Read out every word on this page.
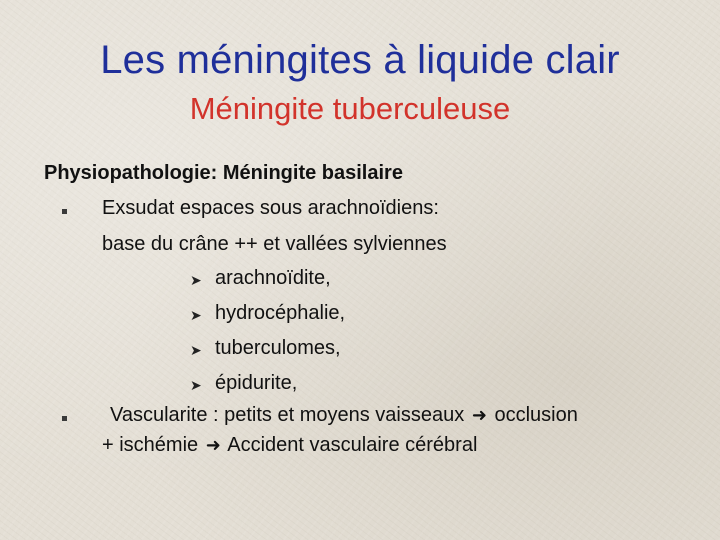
Les méningites à liquide clair
Méningite tuberculeuse
Physiopathologie: Méningite basilaire
Exsudat espaces sous arachnoïdiens:
base du crâne ++ et vallées sylviennes
➤ arachnoïdite,
➤ hydrocéphalie,
➤ tuberculomes,
➤ épidurite,
Vascularite : petits et moyens vaisseaux ➜ occlusion
+ ischémie ➜ Accident vasculaire cérébral
